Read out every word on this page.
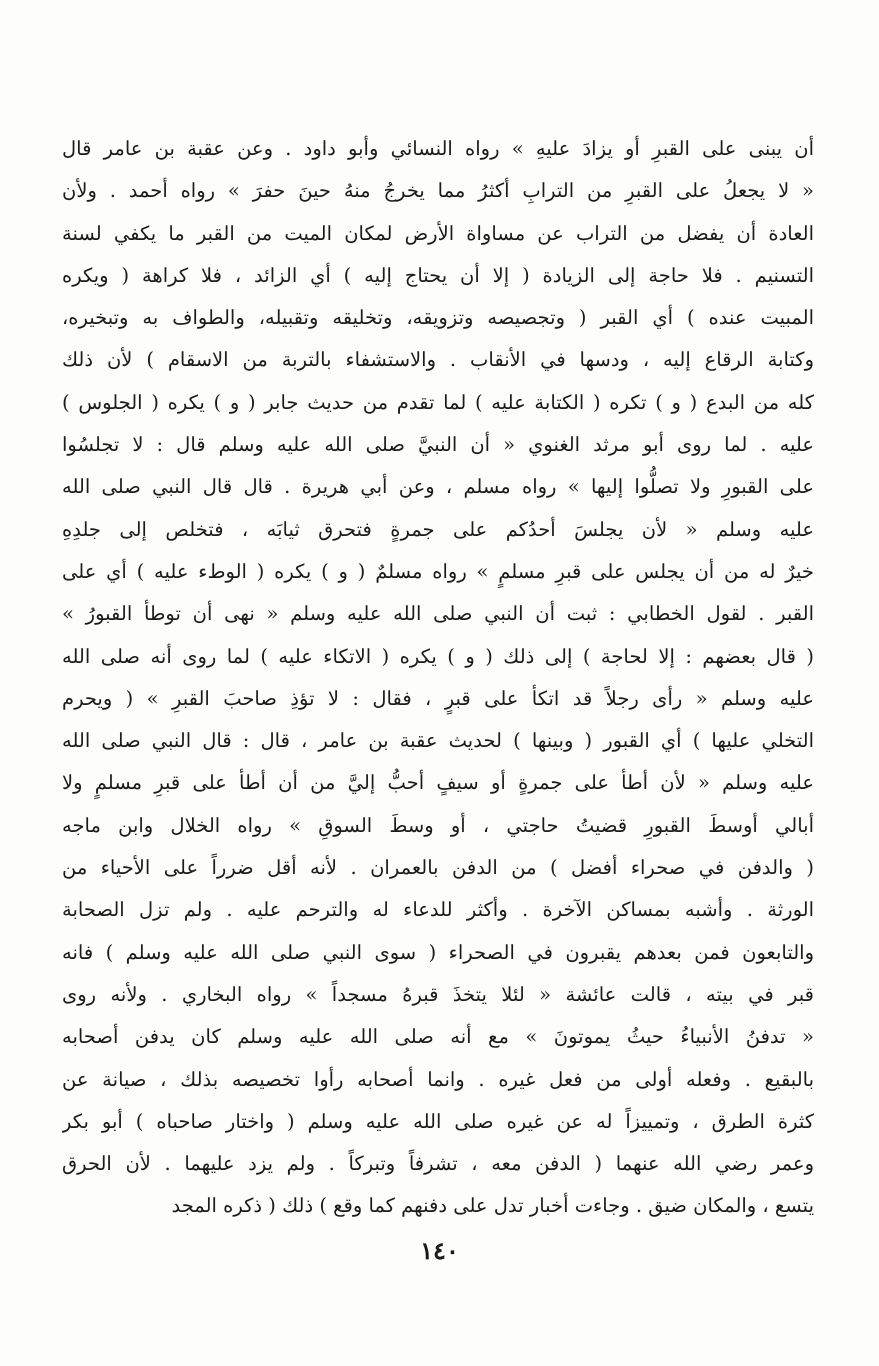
أن يبنى على القبرِ أو يزادَ عليهِ » رواه النسائي وأبو داود . وعن عقبة بن عامر قال
« لا يجعلُ على القبرِ من الترابِ أكثرُ مما يخرجُ منهُ حينَ حفرَ » رواه أحمد . ولأن
العادة أن يفضل من التراب عن مساواة الأرض لمكان الميت من القبر ما يكفي لسنة
التسنيم . فلا حاجة إلى الزيادة ( إلا أن يحتاج إليه ) أي الزائد ، فلا كراهة ( ويكره
المبيت عنده ) أي القبر ( وتجصيصه وتزويقه، وتخليقه وتقبيله، والطواف به وتبخيره،
وكتابة الرقاع إليه ، ودسها في الأنقاب . والاستشفاء بالتربة من الاسقام ) لأن ذلك
كله من البدع ( و ) تكره ( الكتابة عليه ) لما تقدم من حديث جابر ( و ) يكره ( الجلوس )
عليه . لما روى أبو مرثد الغنوي « أن النبيَّ صلى الله عليه وسلم قال : لا تجلسُوا
على القبورِ ولا تصلُّوا إليها » رواه مسلم ، وعن أبي هريرة . قال قال النبي صلى الله
عليه وسلم « لأن يجلسَ أحدُكم على جمرةٍ فتحرق ثيابَه ، فتخلص إلى جلدِهِ
خيرٌ له من أن يجلس على قبرِ مسلمٍ » رواه مسلمٌ ( و ) يكره ( الوطء عليه ) أي على
القبر . لقول الخطابي : ثبت أن النبي صلى الله عليه وسلم « نهى أن توطأ القبورُ »
( قال بعضهم : إلا لحاجة ) إلى ذلك ( و ) يكره ( الاتكاء عليه ) لما روى أنه صلى الله
عليه وسلم « رأى رجلاً قد اتكأ على قبرٍ ، فقال : لا تؤذِ صاحبَ القبرِ » ( ويحرم
التخلي عليها ) أي القبور ( وبينها ) لحديث عقبة بن عامر ، قال : قال النبي صلى الله
عليه وسلم « لأن أطأ على جمرةٍ أو سيفٍ أحبُّ إليَّ من أن أطأ على قبرِ مسلمٍ ولا
أبالي أوسطَ القبورِ قضيتُ حاجتي ، أو وسطَ السوقِ » رواه الخلال وابن ماجه
( والدفن في صحراء أفضل ) من الدفن بالعمران . لأنه أقل ضرراً على الأحياء من
الورثة . وأشبه بمساكن الآخرة . وأكثر للدعاء له والترحم عليه . ولم تزل الصحابة
والتابعون فمن بعدهم يقبرون في الصحراء ( سوى النبي صلى الله عليه وسلم ) فانه
قبر في بيته ، قالت عائشة « لئلا يتخذَ قبرهُ مسجداً » رواه البخاري . ولأنه روى
« تدفنُ الأنبياءُ حيثُ يموتونَ » مع أنه صلى الله عليه وسلم كان يدفن أصحابه
بالبقيع . وفعله أولى من فعل غيره . وانما أصحابه رأوا تخصيصه بذلك ، صيانة عن
كثرة الطرق ، وتمييزاً له عن غيره صلى الله عليه وسلم ( واختار صاحباه ) أبو بكر
وعمر رضي الله عنهما ( الدفن معه ، تشرفاً وتبركاً . ولم يزد عليهما . لأن الحرق
يتسع ، والمكان ضيق . وجاءت أخبار تدل على دفنهم كما وقع ) ذلك ( ذكره المجد
١٤٠
